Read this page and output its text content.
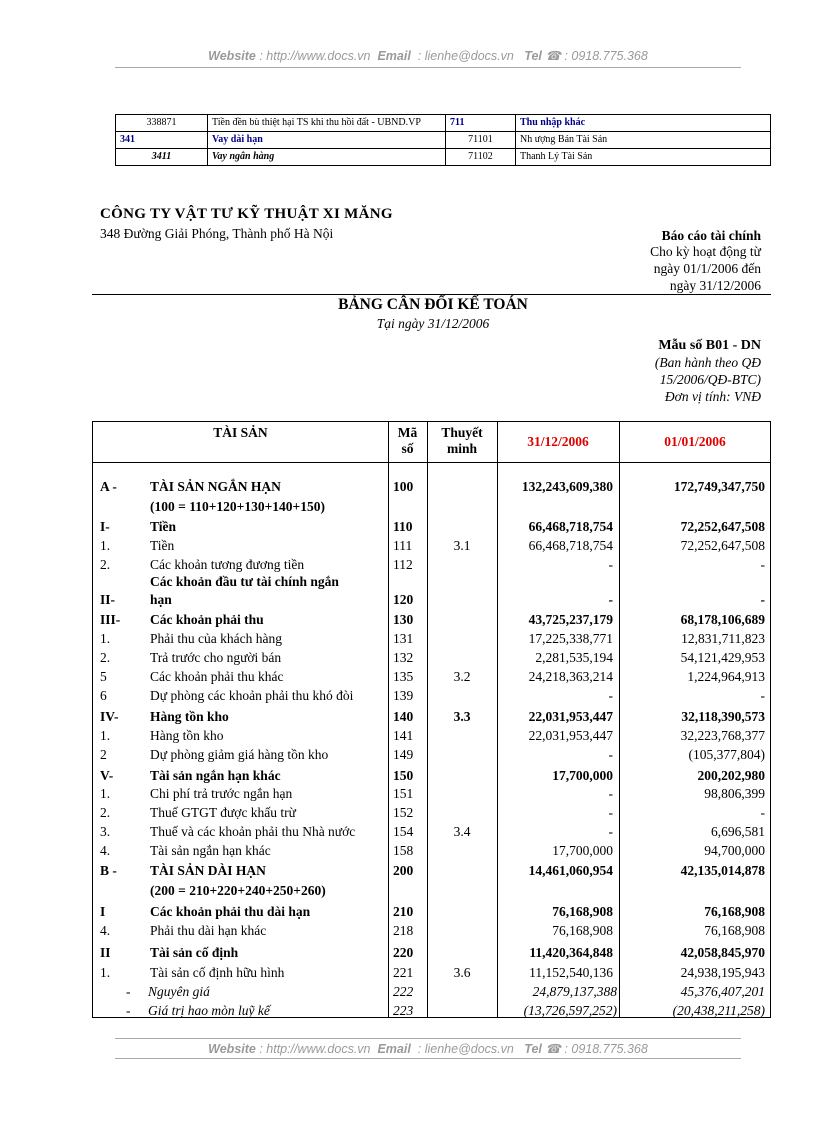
Website : http://www.docs.vn Email  : lienhe@docs.vn Tel ☎ : 0918.775.368
338871	Tiền đền bù thiệt hại TS khi thu hồi đất - UBND.VP	711	Thu nhập khác
341	Vay dài hạn	71101	Nh ượng Bán Tài Sản
3411	Vay ngân hàng	71102	Thanh Lý Tài Sản
CÔNG TY VẬT TƯ KỸ THUẬT XI MĂNG
348 Đường Giải Phóng, Thành phố Hà Nội	Báo cáo tài chính
Cho kỳ hoạt động từ
ngày 01/1/2006 đến
ngày 31/12/2006
BẢNG CÂN ĐỐI KẾ TOÁN
Tại ngày 31/12/2006
Mẫu số B01 - DN
(Ban hành theo QĐ
15/2006/QĐ-BTC)
Đơn vị tính: VNĐ
TÀI SẢN	Mã
số
Thuyết
minh	31/12/2006	01/01/2006
A -	TÀI SẢN NGẮN HẠN	100	132,243,609,380	172,749,347,750
(100 = 110+120+130+140+150)
I-	Tiền	110	66,468,718,754	72,252,647,508
1.	Tiền	111	3.1	66,468,718,754	72,252,647,508
2.	Các khoản tương đương tiền	112	-	-
Các khoản đầu tư tài chính ngắn
II-	hạn	120	-	-
III-	Các khoản phải thu	130	43,725,237,179	68,178,106,689
1.	Phải thu của khách hàng	131	17,225,338,771	12,831,711,823
2.	Trả trước cho người bán	132	2,281,535,194	54,121,429,953
5	Các khoản phải thu khác	135	3.2	24,218,363,214	1,224,964,913
6	Dự phòng các khoản phải thu khó đòi	139	-	-
IV-	Hàng tồn kho	140	3.3	22,031,953,447	32,118,390,573
1.	Hàng tồn kho	141	22,031,953,447	32,223,768,377
2	Dự phòng giảm giá hàng tồn kho	149	-	(105,377,804)
V-	Tài sản ngắn hạn khác	150	17,700,000	200,202,980
1.	Chi phí trả trước ngắn hạn	151	-	98,806,399
2.	Thuế GTGT được khấu trừ	152	-	-
3.	Thuế và các khoản phải thu Nhà nước	154	3.4	-	6,696,581
4.	Tài sản ngắn hạn khác	158	17,700,000	94,700,000
B -	TÀI SẢN DÀI HẠN	200	14,461,060,954	42,135,014,878
(200 = 210+220+240+250+260)
I	Các khoản phải thu dài hạn	210	76,168,908	76,168,908
4.	Phải thu dài hạn khác	218	76,168,908	76,168,908
II	Tài sản cố định	220	11,420,364,848	42,058,845,970
1.	Tài sản cố định hữu hình	221	3.6	11,152,540,136	24,938,195,943
-	Nguyên giá	222	24,879,137,388	45,376,407,201
-	Giá trị hao mòn luỹ kế	223	(13,726,597,252)	(20,438,211,258)
Website : http://www.docs.vn Email  : lienhe@docs.vn Tel ☎ : 0918.775.368
